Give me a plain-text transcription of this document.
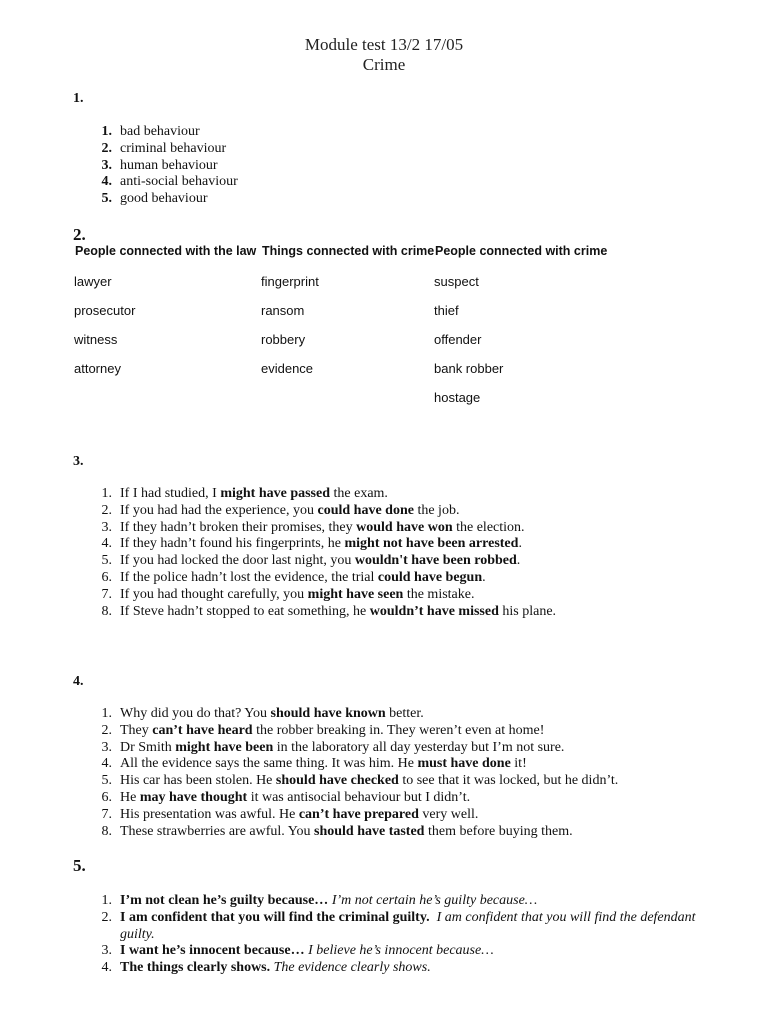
Module test 13/2 17/05
Crime
1.
1. bad behaviour
2. criminal behaviour
3. human behaviour
4. anti-social behaviour
5. good behaviour
2.
People connected with the law Things connected with crime People connected with crime
lawyer
prosecutor
witness
attorney
fingerprint
ransom
robbery
evidence
suspect
thief
offender
bank robber
hostage
3.
1. If I had studied, I might have passed the exam.
2. If you had had the experience, you could have done the job.
3. If they hadn’t broken their promises, they would have won the election.
4. If they hadn’t found his fingerprints, he might not have been arrested.
5. If you had locked the door last night, you wouldn't have been robbed.
6. If the police hadn’t lost the evidence, the trial could have begun.
7. If you had thought carefully, you might have seen the mistake.
8. If Steve hadn’t stopped to eat something, he wouldn’t have missed his plane.
4.
1. Why did you do that? You should have known better.
2. They can’t have heard the robber breaking in. They weren’t even at home!
3. Dr Smith might have been in the laboratory all day yesterday but I’m not sure.
4. All the evidence says the same thing. It was him. He must have done it!
5. His car has been stolen. He should have checked to see that it was locked, but he didn’t.
6. He may have thought it was antisocial behaviour but I didn’t.
7. His presentation was awful. He can’t have prepared very well.
8. These strawberries are awful. You should have tasted them before buying them.
5.
1. I’m not clean he’s guilty because… I’m not certain he’s guilty because…
2. I am confident that you will find the criminal guilty. I am confident that you will find the defendant guilty.
3. I want he’s innocent because… I believe he’s innocent because…
4. The things clearly shows. The evidence clearly shows.
